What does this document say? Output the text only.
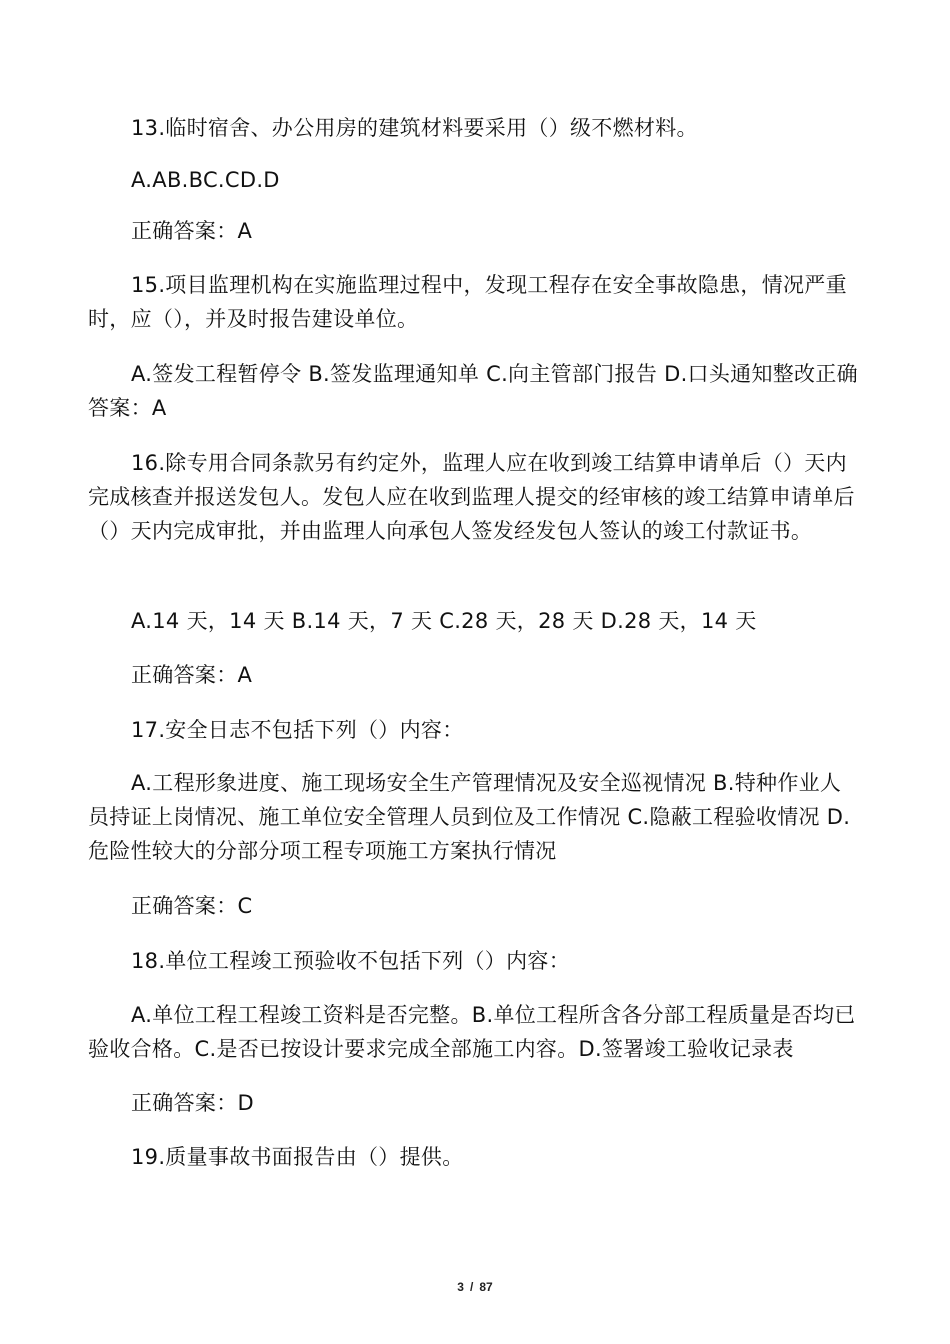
13.临时宿舍、办公用房的建筑材料要采用（）级不燃材料。
A.AB.BC.CD.D
正确答案：A
15.项目监理机构在实施监理过程中，发现工程存在安全事故隐患，情况严重时，应（），并及时报告建设单位。
A.签发工程暂停令 B.签发监理通知单 C.向主管部门报告 D.口头通知整改正确答案：A
16.除专用合同条款另有约定外，监理人应在收到竣工结算申请单后（）天内完成核查并报送发包人。发包人应在收到监理人提交的经审核的竣工结算申请单后（）天内完成审批，并由监理人向承包人签发经发包人签认的竣工付款证书。
A.14 天，14 天 B.14 天，7 天 C.28 天，28 天 D.28 天，14 天
正确答案：A
17.安全日志不包括下列（）内容：
A.工程形象进度、施工现场安全生产管理情况及安全巡视情况 B.特种作业人员持证上岗情况、施工单位安全管理人员到位及工作情况 C.隐蔽工程验收情况 D.危险性较大的分部分项工程专项施工方案执行情况
正确答案：C
18.单位工程竣工预验收不包括下列（）内容：
A.单位工程工程竣工资料是否完整。B.单位工程所含各分部工程质量是否均已验收合格。C.是否已按设计要求完成全部施工内容。D.签署竣工验收记录表
正确答案：D
19.质量事故书面报告由（）提供。
3 / 87
